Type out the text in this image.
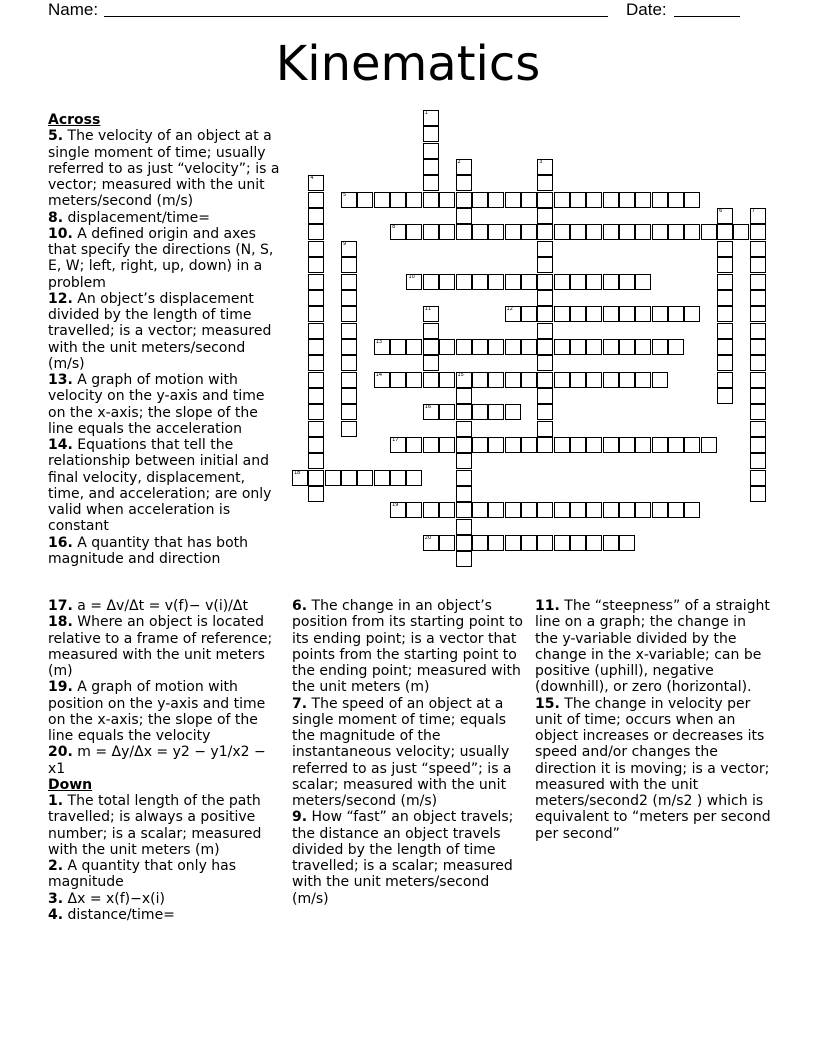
Name:	Date:
Kinematics
1
2	3
4
5
6	7
8
9
10
11	12
13
14	15
16
17
18
19
20

Across

5. The velocity of an object at a single moment of time; usually referred to as just “velocity”; is a vector; measured with the unit meters/second (m/s)

8. displacement/time=

10. A defined origin and axes that specify the directions (N, S, E, W; left, right, up, down) in a problem

12. An object’s displacement divided by the length of time travelled; is a vector; measured with the unit meters/second (m/s)

13. A graph of motion with velocity on the y-axis and time on the x-axis; the slope of the line equals the acceleration

14. Equations that tell the relationship between initial and final velocity, displacement, time, and acceleration; are only valid when acceleration is constant

16. A quantity that has both magnitude and direction

17. a = Δv/Δt = v(f)− v(i)/Δt

18. Where an object is located relative to a frame of reference; measured with the unit meters (m)

19. A graph of motion with position on the y-axis and time on the x-axis; the slope of the line equals the velocity

20. m = Δy/Δx = y2 − y1/x2 − x1

Down

1. The total length of the path travelled; is always a positive number; is a scalar; measured with the unit meters (m)

2. A quantity that only has magnitude

3. Δx = x(f)−x(i)

4. distance/time=

6. The change in an object’s position from its starting point to its ending point; is a vector that points from the starting point to the ending point; measured with the unit meters (m)

7. The speed of an object at a single moment of time; equals the magnitude of the instantaneous velocity; usually referred to as just “speed”; is a scalar; measured with the unit meters/second (m/s)

9. How “fast” an object travels; the distance an object travels divided by the length of time travelled; is a scalar; measured with the unit meters/second (m/s)

11. The “steepness” of a straight line on a graph; the change in the y-variable divided by the change in the x-variable; can be positive (uphill), negative (downhill), or zero (horizontal).

15. The change in velocity per unit of time; occurs when an object increases or decreases its speed and/or changes the direction it is moving; is a vector; measured with the unit meters/second2 (m/s2 ) which is equivalent to “meters per second per second”
